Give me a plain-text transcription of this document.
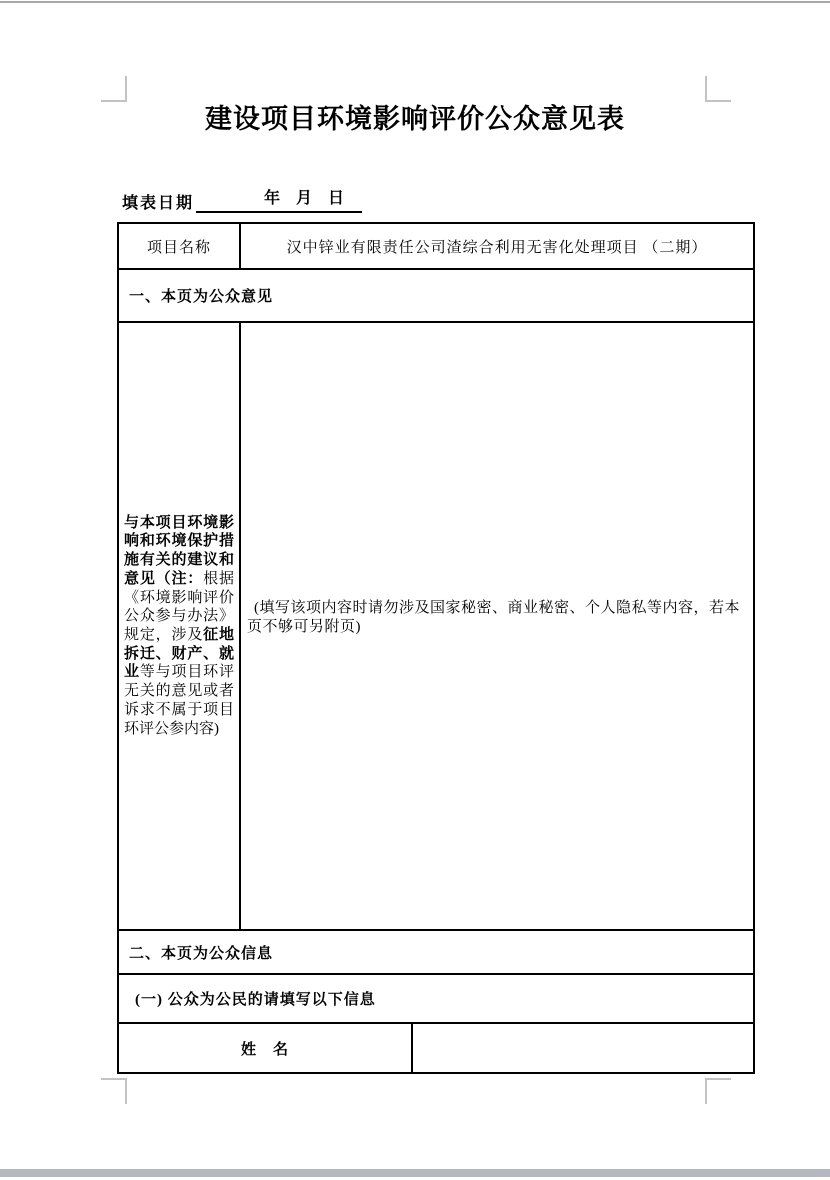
建设项目环境影响评价公众意见表
填表日期	年 月 日
项目名称	汉中锌业有限责任公司渣综合利用无害化处理项目 （二期）	
一、本页为公众意见		
与本项目环境影响和环境保护措施有关的建议和意见（注：根据《环境影响评价公众参与办法》规定，涉及征地拆迁、财产、就业等与项目环评无关的意见或者诉求不属于项目环评公参内容)	(填写该项内容时请勿涉及国家秘密、商业秘密、个人隐私等内容，若本页不够可另附页)	

二、本页为公众信息		
(一) 公众为公民的请填写以下信息		
姓　名		
